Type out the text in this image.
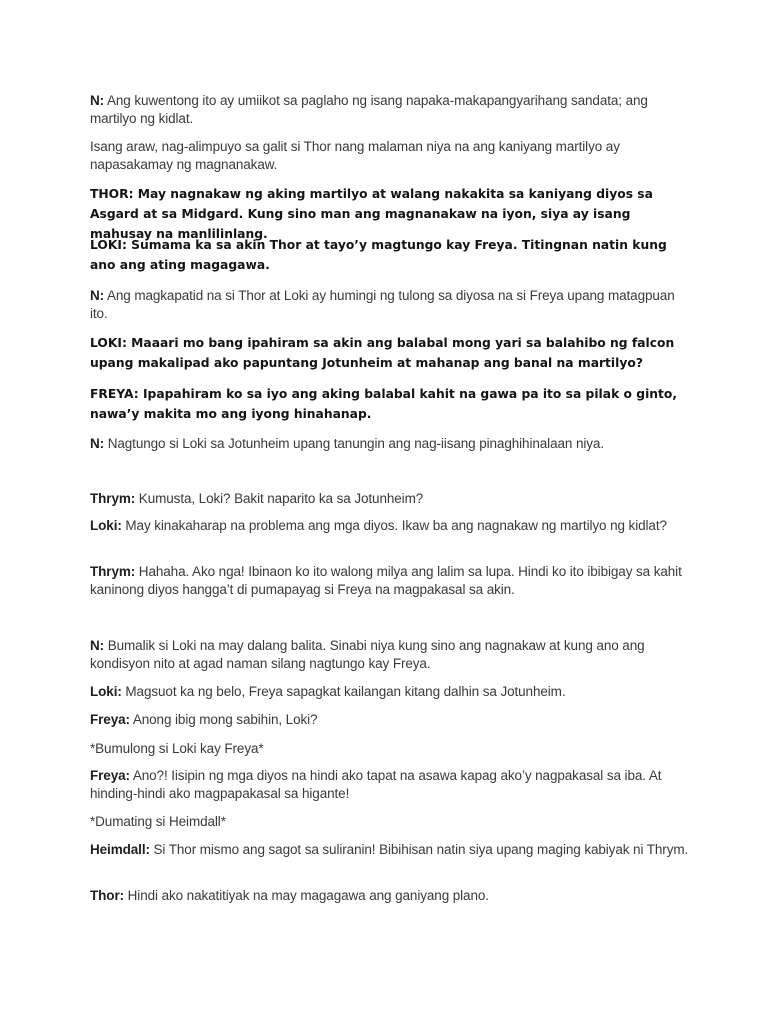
N: Ang kuwentong ito ay umiikot sa paglaho ng isang napaka-makapangyarihang sandata; ang martilyo ng kidlat.

Isang araw, nag-alimpuyo sa galit si Thor nang malaman niya na ang kaniyang martilyo ay napasakamay ng magnanakaw.

THOR: May nagnakaw ng aking martilyo at walang nakakita sa kaniyang diyos sa Asgard at sa Midgard. Kung sino man ang magnanakaw na iyon, siya ay isang mahusay na manlilinlang.

LOKI: Sumama ka sa akin Thor at tayo’y magtungo kay Freya. Titingnan natin kung ano ang ating magagawa.

N: Ang magkapatid na si Thor at Loki ay humingi ng tulong sa diyosa na si Freya upang matagpuan ito.

LOKI: Maaari mo bang ipahiram sa akin ang balabal mong yari sa balahibo ng falcon upang makalipad ako papuntang Jotunheim at mahanap ang banal na martilyo?

FREYA: Ipapahiram ko sa iyo ang aking balabal kahit na gawa pa ito sa pilak o ginto, nawa’y makita mo ang iyong hinahanap.

N: Nagtungo si Loki sa Jotunheim upang tanungin ang nag-iisang pinaghihinalaan niya.

Thrym: Kumusta, Loki? Bakit naparito ka sa Jotunheim?

Loki: May kinakaharap na problema ang mga diyos. Ikaw ba ang nagnakaw ng martilyo ng kidlat?

Thrym: Hahaha. Ako nga! Ibinaon ko ito walong milya ang lalim sa lupa. Hindi ko ito ibibigay sa kahit kaninong diyos hangga’t di pumapayag si Freya na magpakasal sa akin.

N: Bumalik si Loki na may dalang balita. Sinabi niya kung sino ang nagnakaw at kung ano ang kondisyon nito at agad naman silang nagtungo kay Freya.

Loki: Magsuot ka ng belo, Freya sapagkat kailangan kitang dalhin sa Jotunheim.

Freya: Anong ibig mong sabihin, Loki?

*Bumulong si Loki kay Freya*

Freya: Ano?! Iisipin ng mga diyos na hindi ako tapat na asawa kapag ako’y nagpakasal sa iba. At hinding-hindi ako magpapakasal sa higante!

*Dumating si Heimdall*

Heimdall: Si Thor mismo ang sagot sa suliranin! Bibihisan natin siya upang maging kabiyak ni Thrym.

Thor: Hindi ako nakatitiyak na may magagawa ang ganiyang plano.
